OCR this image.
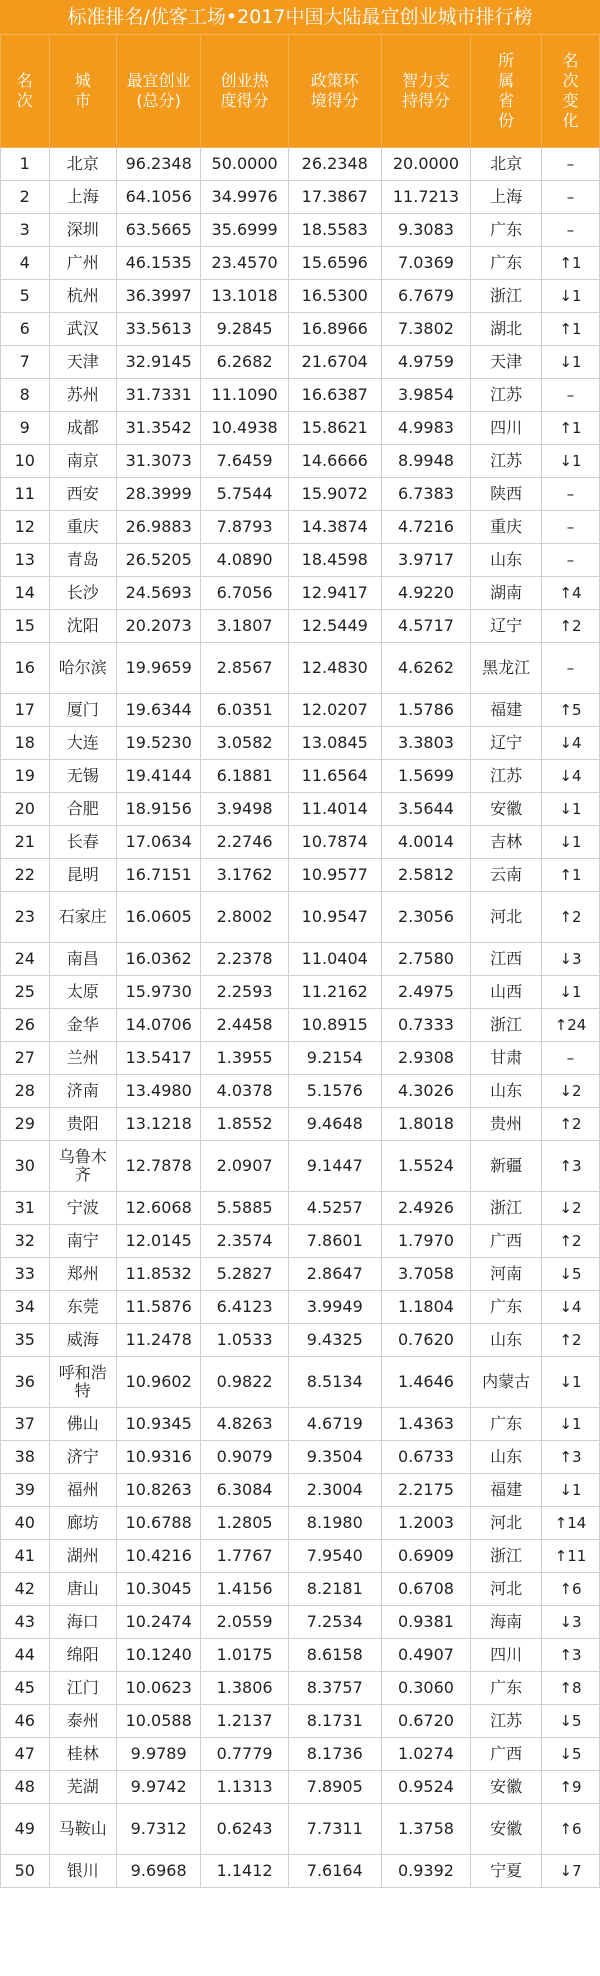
标准排名/优客工场•2017中国大陆最宜创业城市排行榜
名次	城市	最宜创业(总分)	创业热度得分	政策环境得分	智力支持得分	所属省份	名次变化
1	北京	96.2348	50.0000	26.2348	20.0000	北京	–
2	上海	64.1056	34.9976	17.3867	11.7213	上海	–
3	深圳	63.5665	35.6999	18.5583	9.3083	广东	–
4	广州	46.1535	23.4570	15.6596	7.0369	广东	↑1
5	杭州	36.3997	13.1018	16.5300	6.7679	浙江	↓1
6	武汉	33.5613	9.2845	16.8966	7.3802	湖北	↑1
7	天津	32.9145	6.2682	21.6704	4.9759	天津	↓1
8	苏州	31.7331	11.1090	16.6387	3.9854	江苏	–
9	成都	31.3542	10.4938	15.8621	4.9983	四川	↑1
10	南京	31.3073	7.6459	14.6666	8.9948	江苏	↓1
11	西安	28.3999	5.7544	15.9072	6.7383	陕西	–
12	重庆	26.9883	7.8793	14.3874	4.7216	重庆	–
13	青岛	26.5205	4.0890	18.4598	3.9717	山东	–
14	长沙	24.5693	6.7056	12.9417	4.9220	湖南	↑4
15	沈阳	20.2073	3.1807	12.5449	4.5717	辽宁	↑2
16	哈尔滨	19.9659	2.8567	12.4830	4.6262	黑龙江	–
17	厦门	19.6344	6.0351	12.0207	1.5786	福建	↑5
18	大连	19.5230	3.0582	13.0845	3.3803	辽宁	↓4
19	无锡	19.4144	6.1881	11.6564	1.5699	江苏	↓4
20	合肥	18.9156	3.9498	11.4014	3.5644	安徽	↓1
21	长春	17.0634	2.2746	10.7874	4.0014	吉林	↓1
22	昆明	16.7151	3.1762	10.9577	2.5812	云南	↑1
23	石家庄	16.0605	2.8002	10.9547	2.3056	河北	↑2
24	南昌	16.0362	2.2378	11.0404	2.7580	江西	↓3
25	太原	15.9730	2.2593	11.2162	2.4975	山西	↓1
26	金华	14.0706	2.4458	10.8915	0.7333	浙江	↑24
27	兰州	13.5417	1.3955	9.2154	2.9308	甘肃	–
28	济南	13.4980	4.0378	5.1576	4.3026	山东	↓2
29	贵阳	13.1218	1.8552	9.4648	1.8018	贵州	↑2
30	乌鲁木齐	12.7878	2.0907	9.1447	1.5524	新疆	↑3
31	宁波	12.6068	5.5885	4.5257	2.4926	浙江	↓2
32	南宁	12.0145	2.3574	7.8601	1.7970	广西	↑2
33	郑州	11.8532	5.2827	2.8647	3.7058	河南	↓5
34	东莞	11.5876	6.4123	3.9949	1.1804	广东	↓4
35	威海	11.2478	1.0533	9.4325	0.7620	山东	↑2
36	呼和浩特	10.9602	0.9822	8.5134	1.4646	内蒙古	↓1
37	佛山	10.9345	4.8263	4.6719	1.4363	广东	↓1
38	济宁	10.9316	0.9079	9.3504	0.6733	山东	↑3
39	福州	10.8263	6.3084	2.3004	2.2175	福建	↓1
40	廊坊	10.6788	1.2805	8.1980	1.2003	河北	↑14
41	湖州	10.4216	1.7767	7.9540	0.6909	浙江	↑11
42	唐山	10.3045	1.4156	8.2181	0.6708	河北	↑6
43	海口	10.2474	2.0559	7.2534	0.9381	海南	↓3
44	绵阳	10.1240	1.0175	8.6158	0.4907	四川	↑3
45	江门	10.0623	1.3806	8.3757	0.3060	广东	↑8
46	泰州	10.0588	1.2137	8.1731	0.6720	江苏	↓5
47	桂林	9.9789	0.7779	8.1736	1.0274	广西	↓5
48	芜湖	9.9742	1.1313	7.8905	0.9524	安徽	↑9
49	马鞍山	9.7312	0.6243	7.7311	1.3758	安徽	↑6
50	银川	9.6968	1.1412	7.6164	0.9392	宁夏	↓7
